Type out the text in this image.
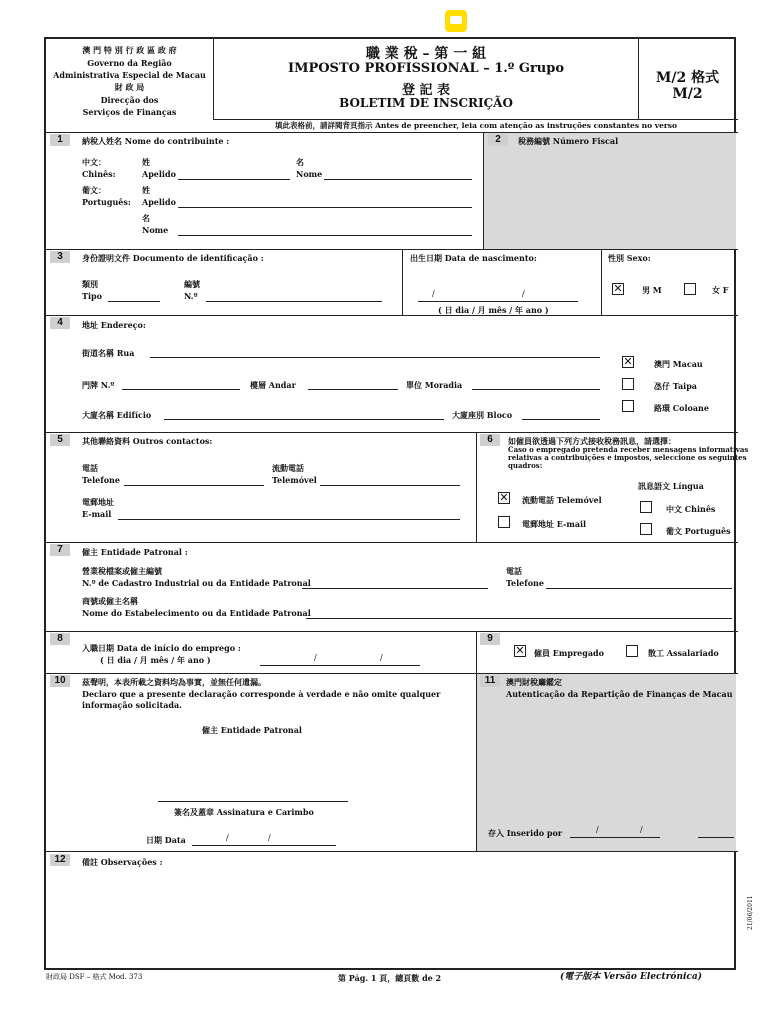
澳 門 特 別 行 政 區 政 府
Governo da Região
Administrativa Especial de Macau
財 政 局
Direcção dos
Serviços de Finanças
職 業 稅 – 第 一 組
IMPOSTO PROFISSIONAL – 1.º Grupo
登 記 表
BOLETIM DE INSCRIÇÃO
M/2 格式
M/2
填此表格前，請詳閱背頁指示 Antes de preencher, leia com atenção as instruções constantes no verso
1	納稅人姓名 Nome do contribuinte :	2	稅務編號 Número Fiscal
中文：
Chinês:
姓
Apelido
名
Nome
葡文：
Português:
姓
Apelido
名
Nome
3	身份證明文件 Documento de identificação :	出生日期 Data de nascimento:	性別 Sexo:
類別
Tipo
編號
N.º	/	/
( 日 dia / 月 mês / 年 ano )
✕ 男 M	女 F
4	地址 Endereço:
街道名稱 Rua
門牌 N.º	樓層 Andar	單位 Moradia
大廈名稱 Edifício	大廈座別 Bloco
✕	澳門 Macau
氹仔 Taipa
路環 Coloane
5	其他聯絡資料 Outros contactos:
電話
Telefone
流動電話
Telemóvel
電郵地址
E-mail
6	如僱員欲透過下列方式接收稅務訊息，請選擇：
Caso o empregado pretenda receber mensagens informativas
relativas a contribuições e impostos, seleccione os seguintes
quadros:
✕ 流動電話 Telemóvel
電郵地址 E-mail
訊息語文 Língua
中文 Chinês
葡文 Português
7	僱主 Entidade Patronal :
營業稅檔案或僱主編號
N.º de Cadastro Industrial ou da Entidade Patronal
電話
Telefone
商號或僱主名稱
Nome do Estabelecimento ou da Entidade Patronal
8
入職日期 Data de início do emprego :
( 日 dia / 月 mês / 年 ano )	/	/
9
✕ 僱員 Empregado	散工 Assalariado
10	茲聲明，本表所載之資料均為事實，並無任何遺漏。
Declaro que a presente declaração corresponde à verdade e não omite qualquer
informação solicitada.
僱主 Entidade Patronal
簽名及蓋章 Assinatura e Carimbo
日期 Data	/	/
11	澳門財稅廳鑑定
Autenticação da Repartição de Finanças de Macau
存入 Inserido por	/	/
12	備註 Observações :
21/06/2011
財政局 DSF – 格式 Mod. 373	第 Pág. 1 頁，總頁數 de 2	(電子版本 Versão Electrónica)
